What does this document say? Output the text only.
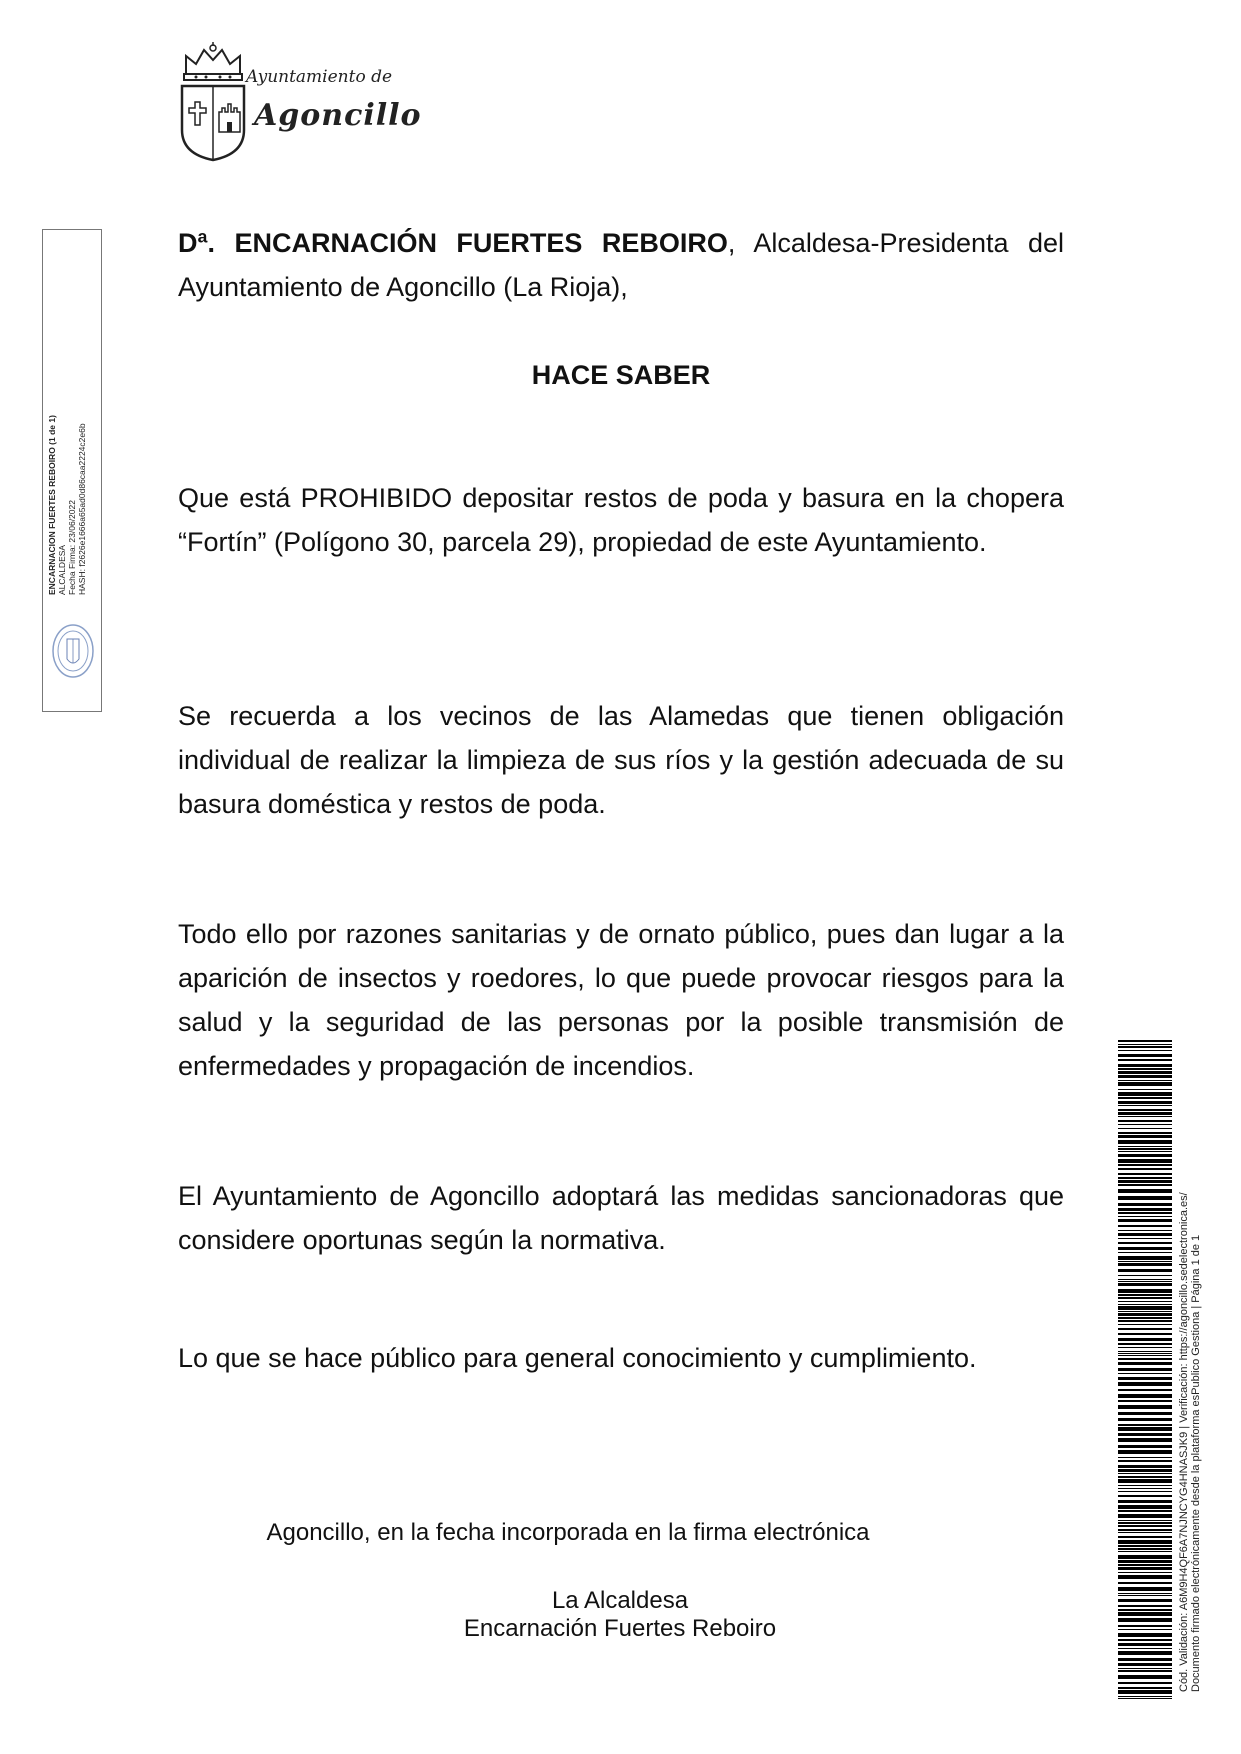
Ayuntamiento de
Agoncillo
ENCARNACION FUERTES REBOIRO (1 de 1) ALCALDESA Fecha Firma: 23/06/2022 HASH: f2626e1666a65ad0d86caa2224c2e6b
Dª. ENCARNACIÓN FUERTES REBOIRO, Alcaldesa-Presidenta del Ayuntamiento de Agoncillo (La Rioja),
HACE SABER
Que está PROHIBIDO depositar restos de poda y basura en la chopera “Fortín” (Polígono 30, parcela 29), propiedad de este Ayuntamiento.
Se recuerda a los vecinos de las Alamedas que tienen obligación individual de realizar la limpieza de sus ríos y la gestión adecuada de su basura doméstica y restos de poda.
Todo ello por razones sanitarias y de ornato público, pues dan lugar a la aparición de insectos y roedores, lo que puede provocar riesgos para la salud y la seguridad de las personas por la posible transmisión de enfermedades y propagación de incendios.
El Ayuntamiento de Agoncillo adoptará las medidas sancionadoras que considere oportunas según la normativa.
Lo que se hace público para general conocimiento y cumplimiento.
Agoncillo, en la fecha incorporada en la firma electrónica
La Alcaldesa
Encarnación Fuertes Reboiro	Cód. Validación: A6M9H4QF6A7NJNCYG4HNASJK9 | Verificación: https://agoncillo.sedelectronica.es/ Documento firmado electrónicamente desde la plataforma esPublico Gestiona | Página 1 de 1
